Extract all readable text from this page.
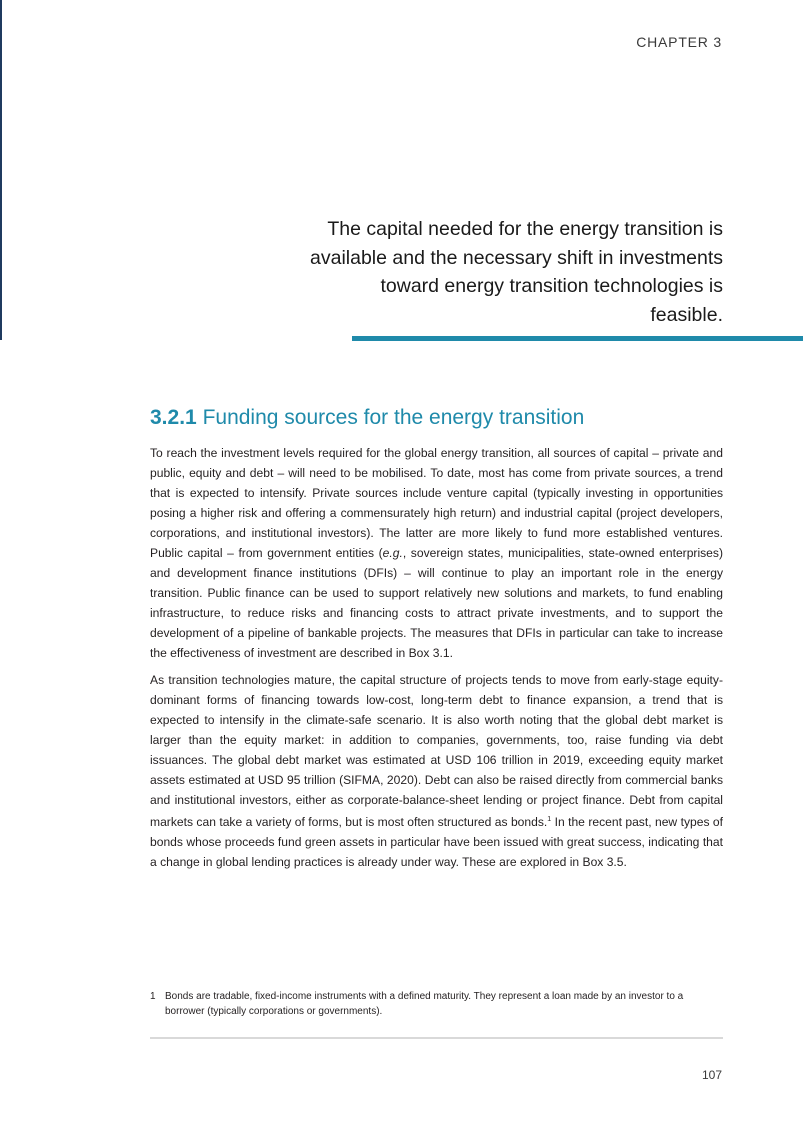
CHAPTER 3
The capital needed for the energy transition is available and the necessary shift in investments toward energy transition technologies is feasible.
3.2.1 Funding sources for the energy transition

To reach the investment levels required for the global energy transition, all sources of capital – private and public, equity and debt – will need to be mobilised. To date, most has come from private sources, a trend that is expected to intensify. Private sources include venture capital (typically investing in opportunities posing a higher risk and offering a commensurately high return) and industrial capital (project developers, corporations, and institutional investors). The latter are more likely to fund more established ventures. Public capital – from government entities (e.g., sovereign states, municipalities, state-owned enterprises) and development finance institutions (DFIs) – will continue to play an important role in the energy transition. Public finance can be used to support relatively new solutions and markets, to fund enabling infrastructure, to reduce risks and financing costs to attract private investments, and to support the development of a pipeline of bankable projects. The measures that DFIs in particular can take to increase the effectiveness of investment are described in Box 3.1.

As transition technologies mature, the capital structure of projects tends to move from early-stage equity-dominant forms of financing towards low-cost, long-term debt to finance expansion, a trend that is expected to intensify in the climate-safe scenario. It is also worth noting that the global debt market is larger than the equity market: in addition to companies, governments, too, raise funding via debt issuances. The global debt market was estimated at USD 106 trillion in 2019, exceeding equity market assets estimated at USD 95 trillion (SIFMA, 2020). Debt can also be raised directly from commercial banks and institutional investors, either as corporate-balance-sheet lending or project finance. Debt from capital markets can take a variety of forms, but is most often structured as bonds.$^1$ In the recent past, new types of bonds whose proceeds fund green assets in particular have been issued with great success, indicating that a change in global lending practices is already under way. These are explored in Box 3.5.

1 Bonds are tradable, fixed-income instruments with a defined maturity. They represent a loan made by an investor to a borrower (typically corporations or governments).
107
